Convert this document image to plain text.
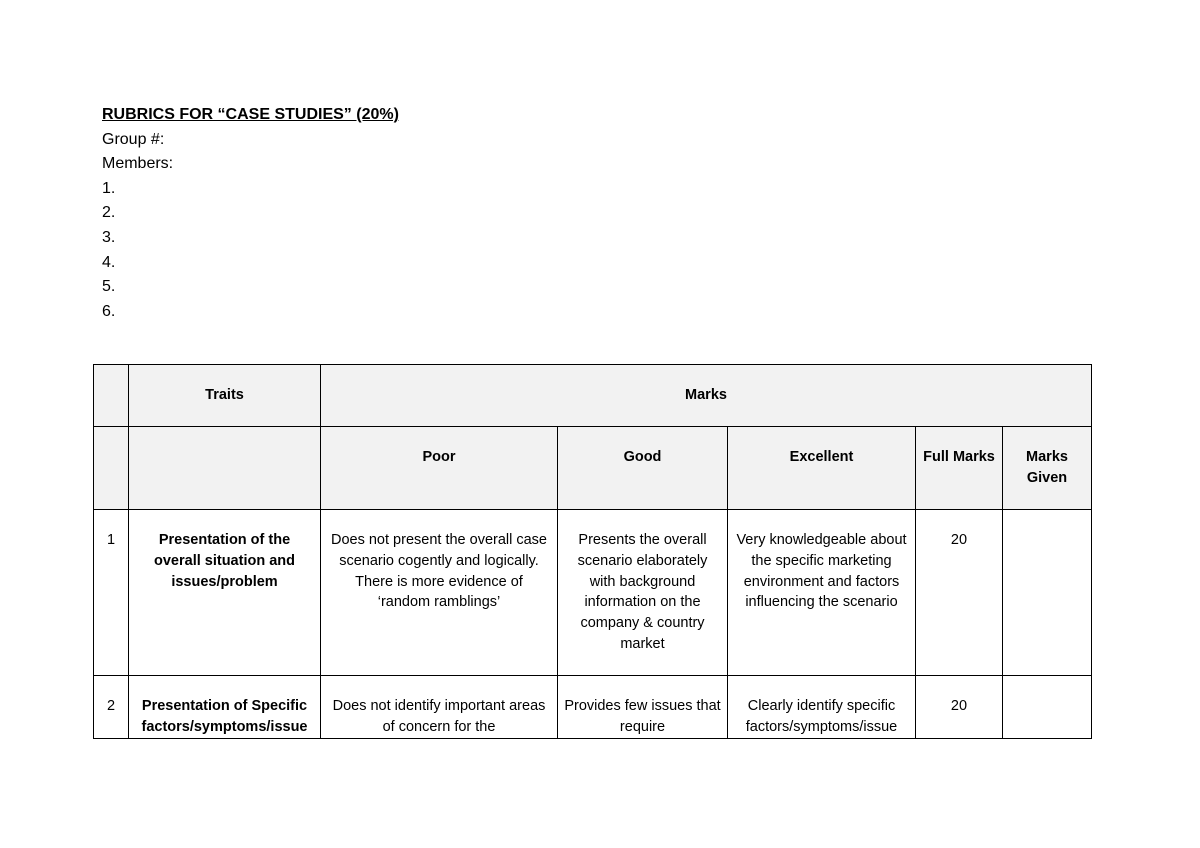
RUBRICS FOR “CASE STUDIES” (20%)
Group #:
Members:
1.
2.
3.
4.
5.
6.
	Traits	Marks				
		Poor	Good	Excellent	Full Marks	Marks Given
1	Presentation of the overall situation and issues/problem	Does not present the overall case scenario cogently and logically. There is more evidence of ‘random ramblings’	Presents the overall scenario elaborately with background information on the company & country market	Very knowledgeable about the specific marketing environment and factors influencing the scenario	20	
2	Presentation of Specific factors/symptoms/issue	Does not identify important areas of concern for the	Provides few issues that require	Clearly identify specific factors/symptoms/issue	20	
